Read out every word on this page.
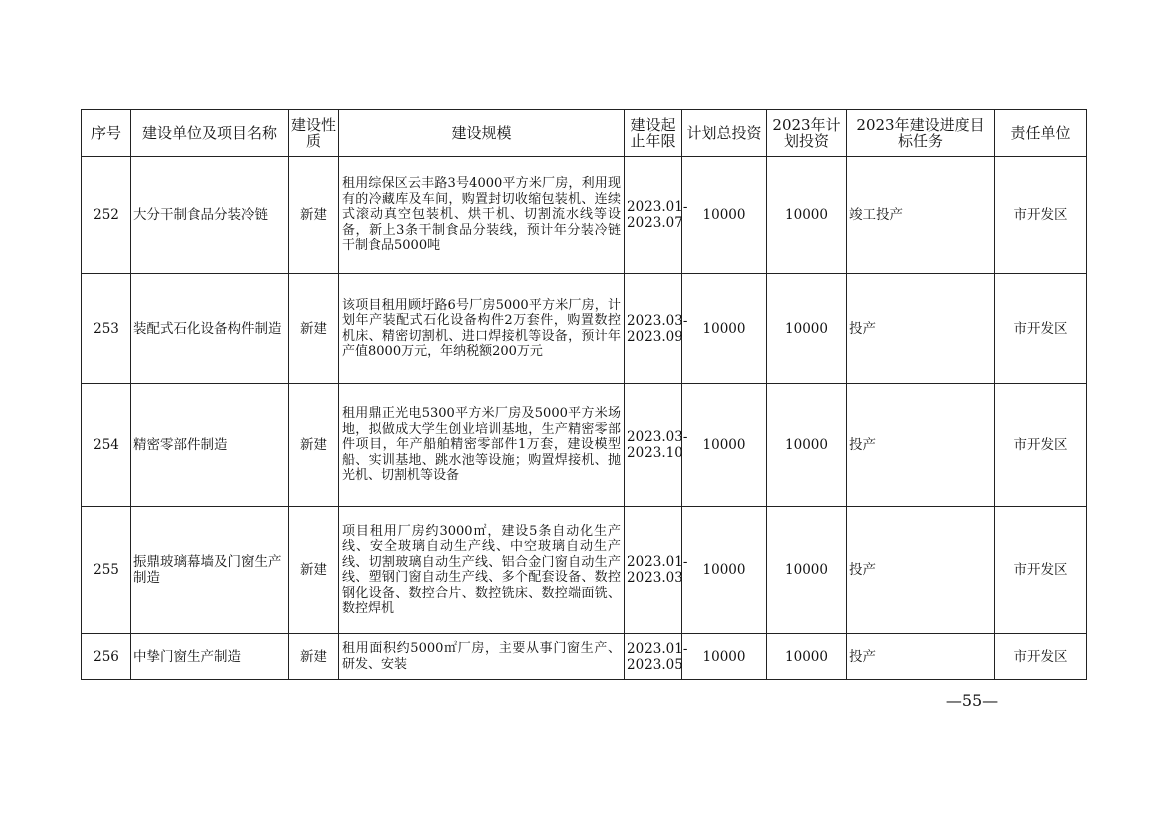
序号	建设单位及项目名称	建设性质	建设规模	建设起止年限	计划总投资	2023年计划投资	2023年建设进度目标任务	责任单位
252	大分干制食品分装冷链	新建	租用综保区云丰路3号4000平方米厂房，利用现有的冷藏库及车间，购置封切收缩包装机、连续式滚动真空包装机、烘干机、切割流水线等设备，新上3条干制食品分装线，预计年分装冷链干制食品5000吨	2023.01-2023.07	10000	10000	竣工投产	市开发区
253	装配式石化设备构件制造	新建	该项目租用顾圩路6号厂房5000平方米厂房，计划年产装配式石化设备构件2万套件，购置数控机床、精密切割机、进口焊接机等设备，预计年产值8000万元，年纳税额200万元	2023.03-2023.09	10000	10000	投产	市开发区
254	精密零部件制造	新建	租用鼎正光电5300平方米厂房及5000平方米场地，拟做成大学生创业培训基地，生产精密零部件项目，年产船舶精密零部件1万套，建设模型船、实训基地、跳水池等设施；购置焊接机、抛光机、切割机等设备	2023.03-2023.10	10000	10000	投产	市开发区
255	振鼎玻璃幕墙及门窗生产制造	新建	项目租用厂房约3000㎡，建设5条自动化生产线、安全玻璃自动生产线、中空玻璃自动生产线、切割玻璃自动生产线、铝合金门窗自动生产线、塑钢门窗自动生产线、多个配套设备、数控钢化设备、数控合片、数控铣床、数控端面铣、数控焊机	2023.01-2023.03	10000	10000	投产	市开发区
256	中挚门窗生产制造	新建	租用面积约5000㎡厂房，主要从事门窗生产、研发、安装	2023.01-2023.05	10000	10000	投产	市开发区
—55—
